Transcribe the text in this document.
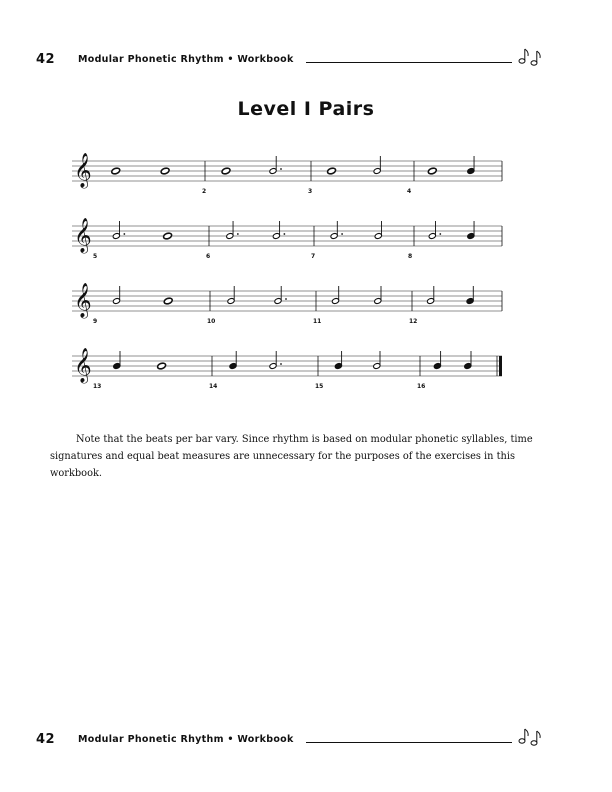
42 Modular Phonetic Rhythm • Workbook
Level I Pairs
𝄞
2	3	4
𝄞
5	6	7	8
𝄞
9	10	11	12
𝄞
13	14	15	16

Note that the beats per bar vary. Since rhythm is based on modular phonetic syllables, time signatures and equal beat measures are unnecessary for the purposes of the exercises in this workbook.

42 Modular Phonetic Rhythm • Workbook
